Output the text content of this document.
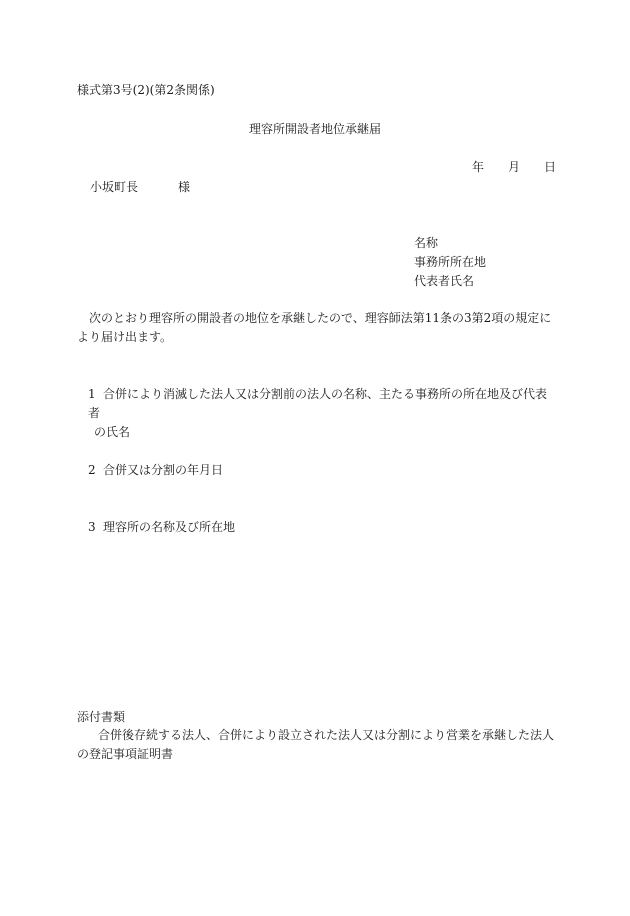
様式第3号(2)(第2条関係)
理容所開設者地位承継届
年 月 日
小坂町長	様
名称
事務所所在地
代表者氏名
次のとおり理容所の開設者の地位を承継したので、理容師法第11条の3第2項の規定により届け出ます。
1 合併により消滅した法人又は分割前の法人の名称、主たる事務所の所在地及び代表者
の氏名
2 合併又は分割の年月日
3 理容所の名称及び所在地
添付書類
合併後存続する法人、合併により設立された法人又は分割により営業を承継した法人の登記事項証明書
